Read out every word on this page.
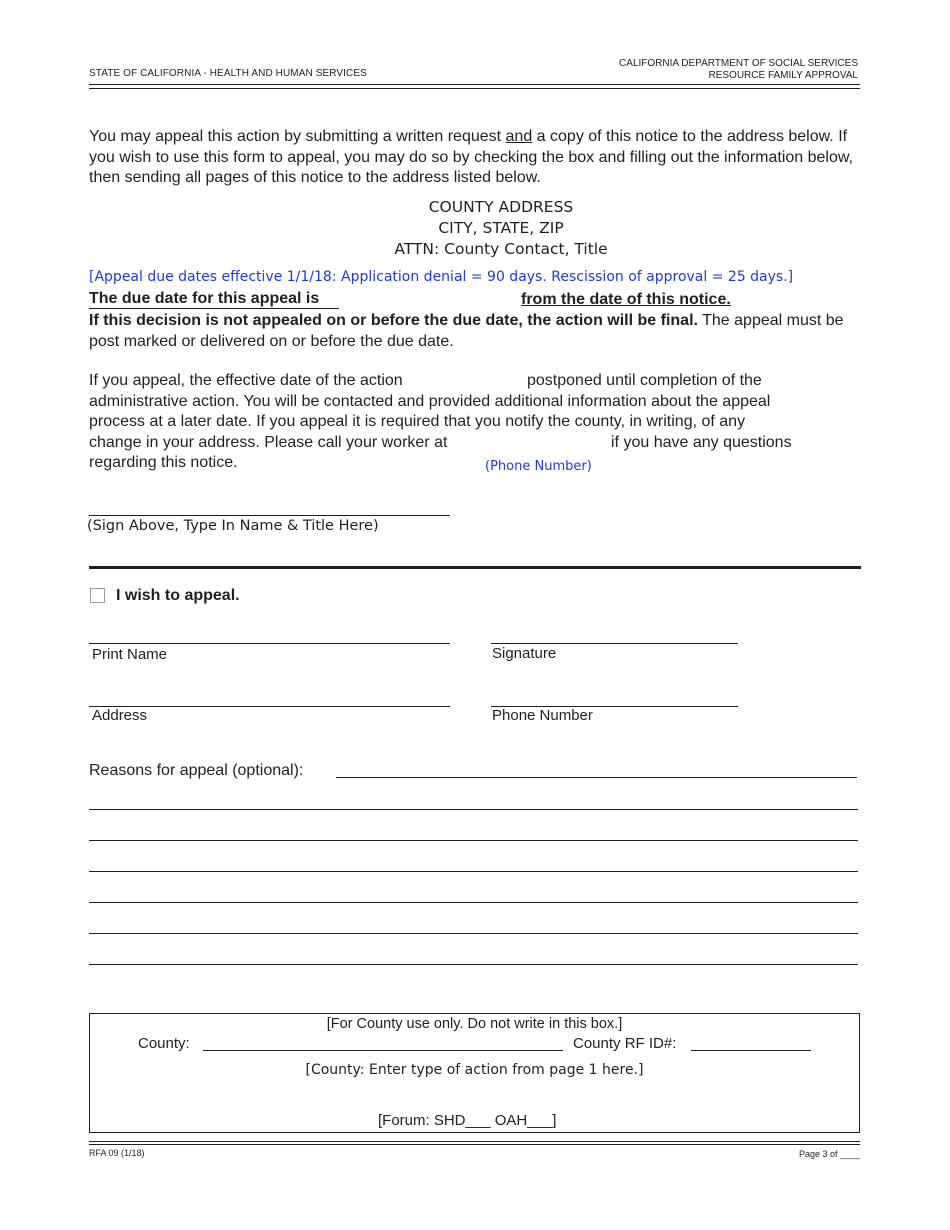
STATE OF CALIFORNIA - HEALTH AND HUMAN SERVICES
CALIFORNIA DEPARTMENT OF SOCIAL SERVICES
RESOURCE FAMILY APPROVAL

You may appeal this action by submitting a written request and a copy of this notice to the address below. If you wish to use this form to appeal, you may do so by checking the box and filling out the information below, then sending all pages of this notice to the address listed below.

COUNTY ADDRESS
CITY, STATE, ZIP
ATTN: County Contact, Title
[Appeal due dates effective 1/1/18: Application denial = 90 days. Rescission of approval = 25 days.]
The due date for this appeal is	from the date of this notice.

If this decision is not appealed on or before the due date, the action will be final. The appeal must be post marked or delivered on or before the due date.

If you appeal, the effective date of the action	postponed until completion of the
administrative action. You will be contacted and provided additional information about the appeal
process at a later date. If you appeal it is required that you notify the county, in writing, of any
change in your address. Please call your worker at	if you have any questions
regarding this notice.	(Phone Number)
(Sign Above, Type In Name & Title Here)
I wish to appeal.
Print Name	Signature
Address	Phone Number
Reasons for appeal (optional):
[For County use only. Do not write in this box.]
County:	County RF ID#:
[County: Enter type of action from page 1 here.]
[Forum: SHD___ OAH___]
RFA 09 (1/18)	Page 3 of ____
